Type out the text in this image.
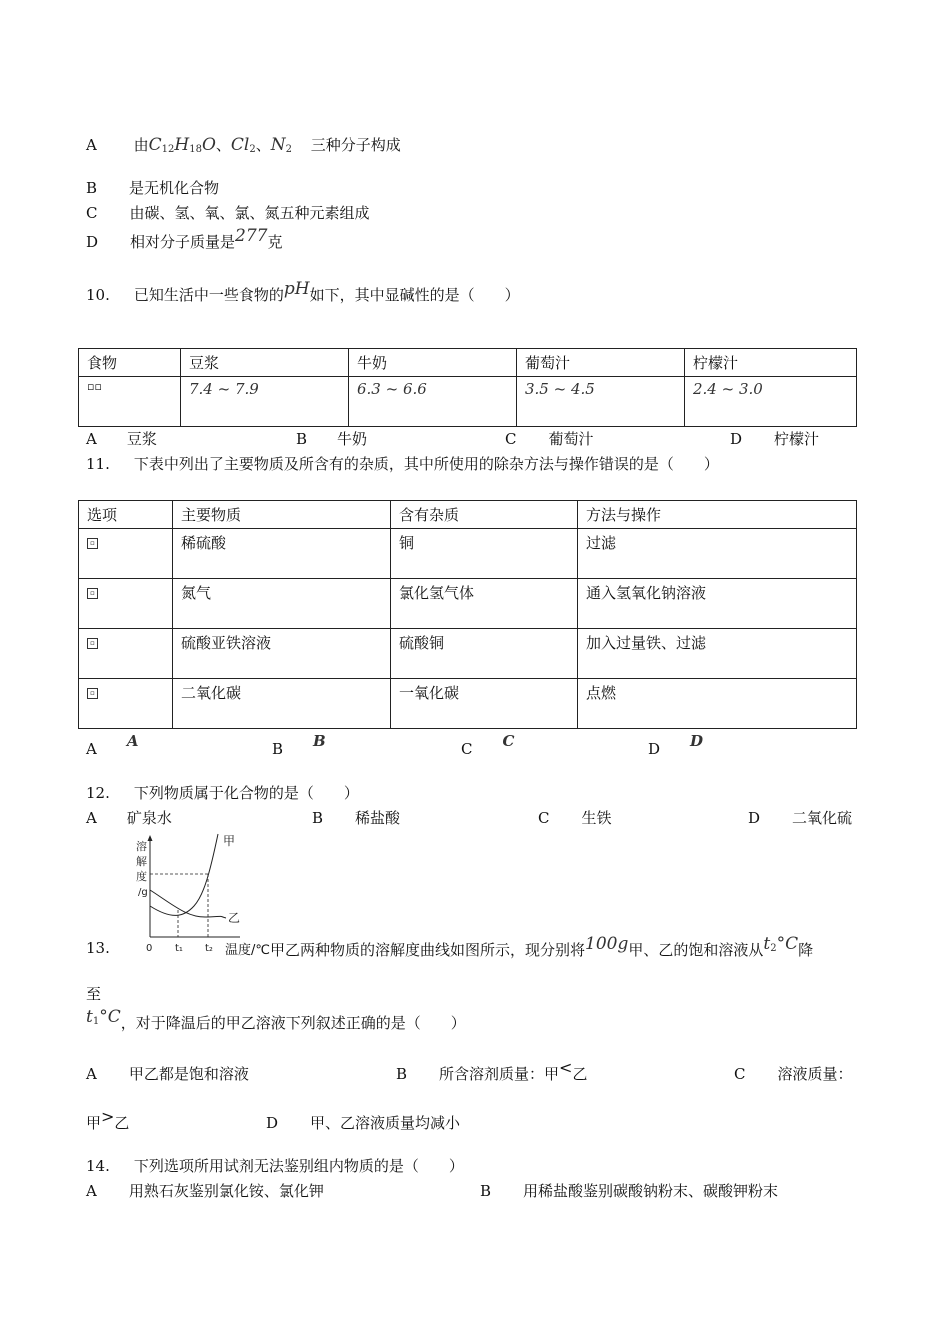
A 由$C_{12}H_{18}O$、$Cl_2$、$N_2$ 三种分子构成
B 是无机化合物
C 由碳、氢、氧、氯、氮五种元素组成
D 相对分子质量是277克
10. 已知生活中一些食物的pH如下，其中显碱性的是（　　）
食物	豆浆	牛奶	葡萄汁	柠檬汁
▫▫	7.4 ~ 7.9	6.3 ~ 6.6	3.5 ~ 4.5	2.4 ~ 3.0
A 豆浆	B 牛奶	C 葡萄汁	D 柠檬汁
11. 下表中列出了主要物质及所含有的杂质，其中所使用的除杂方法与操作错误的是（　　）
选项	主要物质	含有杂质	方法与操作
▫	稀硫酸	铜	过滤
▫	氮气	氯化氢气体	通入氢氧化钠溶液
▫	硫酸亚铁溶液	硫酸铜	加入过量铁、过滤
▫	二氧化碳	一氧化碳	点燃
A A	B B	C C	D D
12. 下列物质属于化合物的是（　　）
A 矿泉水	B 稀盐酸	C 生铁	D 二氧化硫
溶
解
度
/g
0 t₁ t₂
甲
乙
13.	温度/℃ 甲乙两种物质的溶解度曲线如图所示，现分别将100g甲、乙的饱和溶液从$t_2^\circ C$降
至
$t_1^\circ C$，对于降温后的甲乙溶液下列叙述正确的是（　　）
A 甲乙都是饱和溶液	B 所含溶剂质量：甲<乙	C 溶液质量：
甲>乙	D 甲、乙溶液质量均减小
14. 下列选项所用试剂无法鉴别组内物质的是（　　）
A 用熟石灰鉴别氯化铵、氯化钾	B 用稀盐酸鉴别碳酸钠粉末、碳酸钾粉末
